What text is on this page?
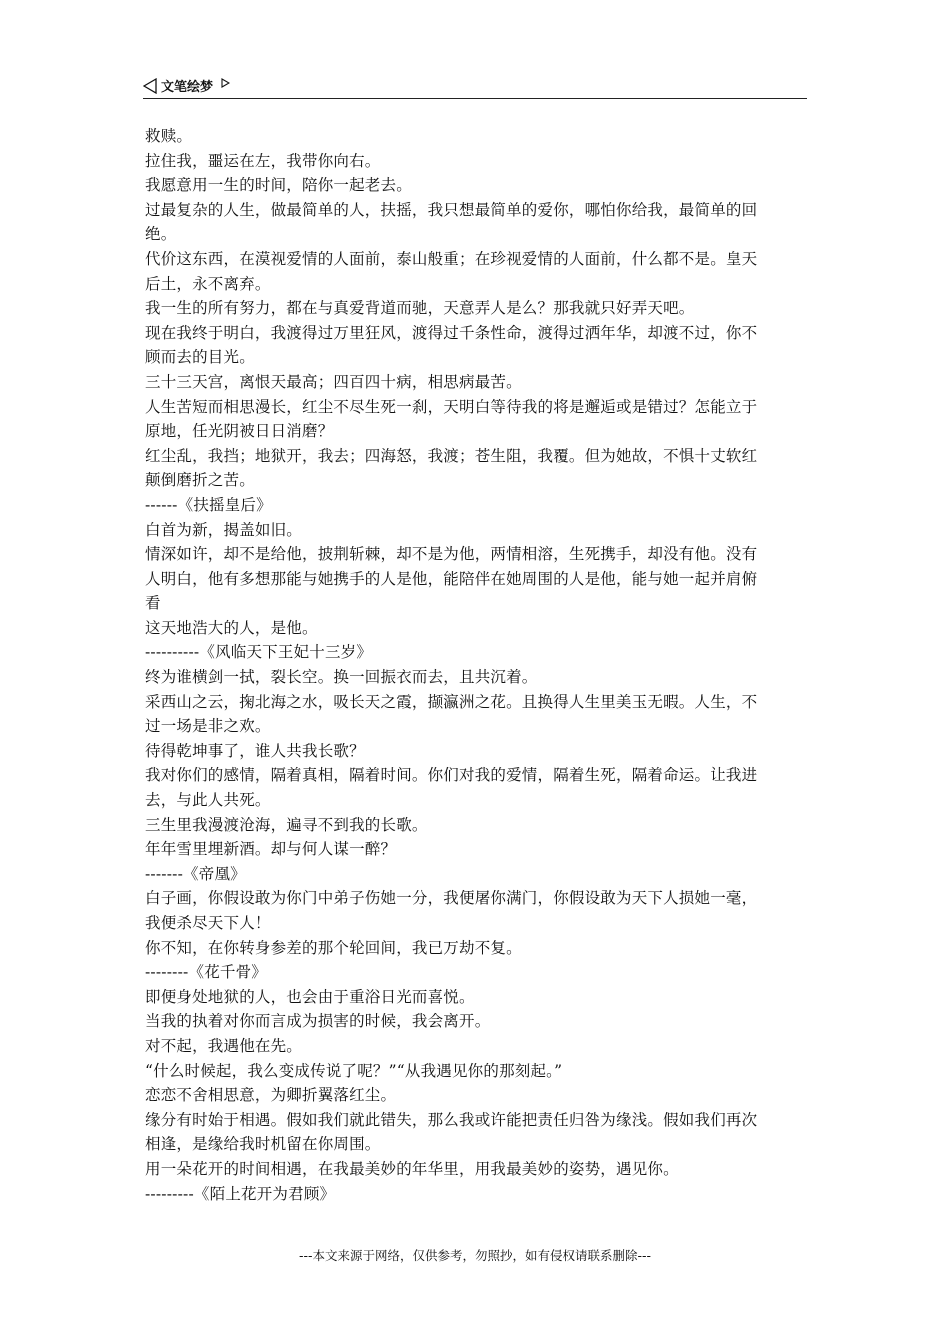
文笔绘梦
救赎。
拉住我，噩运在左，我带你向右。
我愿意用一生的时间，陪你一起老去。
过最复杂的人生，做最简单的人，扶摇，我只想最简单的爱你，哪怕你给我，最简单的回
绝。
代价这东西，在漠视爱情的人面前，泰山般重；在珍视爱情的人面前，什么都不是。皇天
后土，永不离弃。
我一生的所有努力，都在与真爱背道而驰，天意弄人是么？那我就只好弄天吧。
现在我终于明白，我渡得过万里狂风，渡得过千条性命，渡得过洒年华，却渡不过，你不
顾而去的目光。
三十三天宫，离恨天最高；四百四十病，相思病最苦。
人生苦短而相思漫长，红尘不尽生死一刹，天明白等待我的将是邂逅或是错过？怎能立于
原地，任光阴被日日消磨？
红尘乱，我挡；地狱开，我去；四海怒，我渡；苍生阻，我覆。但为她故，不惧十丈软红
颠倒磨折之苦。
------《扶摇皇后》
白首为新，揭盖如旧。
情深如许，却不是给他，披荆斩棘，却不是为他，两情相溶，生死携手，却没有他。没有
人明白，他有多想那能与她携手的人是他，能陪伴在她周围的人是他，能与她一起并肩俯
看
这天地浩大的人，是他。
----------《风临天下王妃十三岁》
终为谁横剑一拭，裂长空。换一回振衣而去，且共沉着。
采西山之云，掬北海之水，吸长天之霞，撷瀛洲之花。且换得人生里美玉无暇。人生，不
过一场是非之欢。
待得乾坤事了，谁人共我长歌？
我对你们的感情，隔着真相，隔着时间。你们对我的爱情，隔着生死，隔着命运。让我进
去，与此人共死。
三生里我漫渡沧海，遍寻不到我的长歌。
年年雪里埋新酒。却与何人谋一醉？
-------《帝凰》
白子画，你假设敢为你门中弟子伤她一分，我便屠你满门，你假设敢为天下人损她一毫，
我便杀尽天下人！
你不知，在你转身参差的那个轮回间，我已万劫不复。
--------《花千骨》
即便身处地狱的人，也会由于重浴日光而喜悦。
当我的执着对你而言成为损害的时候，我会离开。
对不起，我遇他在先。
“什么时候起，我么变成传说了呢？”“从我遇见你的那刻起。”
恋恋不舍相思意，为卿折翼落红尘。
缘分有时始于相遇。假如我们就此错失，那么我或许能把责任归咎为缘浅。假如我们再次
相逢，是缘给我时机留在你周围。
用一朵花开的时间相遇，在我最美妙的年华里，用我最美妙的姿势，遇见你。
---------《陌上花开为君顾》
---本文来源于网络，仅供参考，勿照抄，如有侵权请联系删除---
